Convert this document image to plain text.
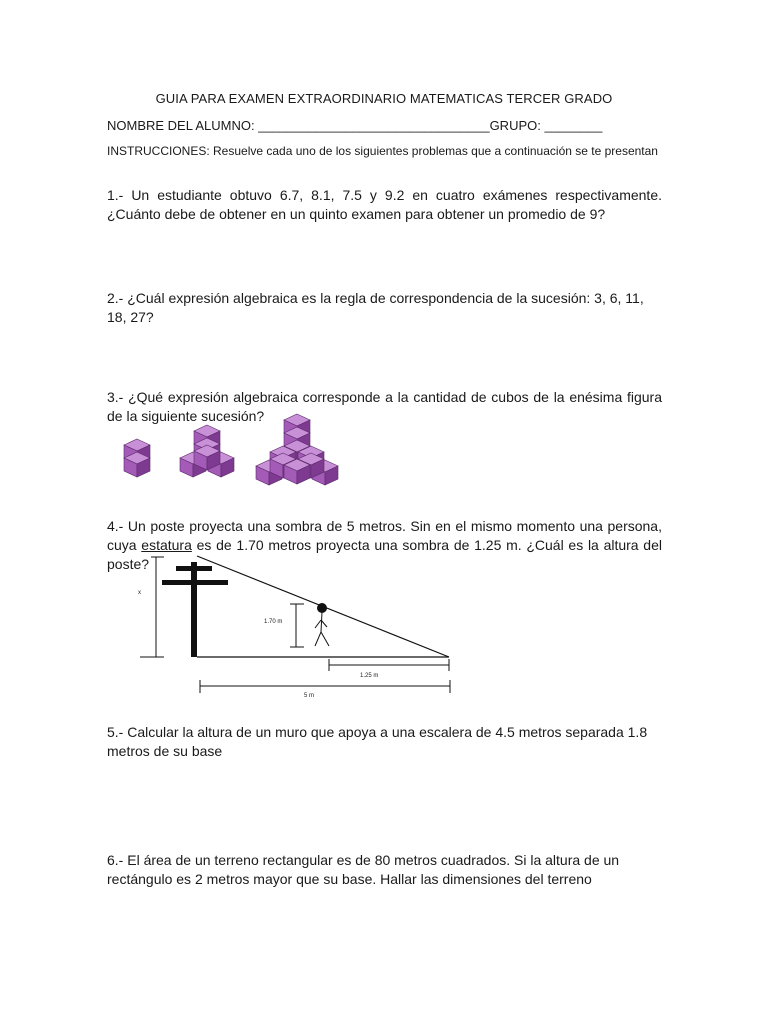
GUIA PARA EXAMEN EXTRAORDINARIO MATEMATICAS TERCER GRADO
NOMBRE DEL ALUMNO: ________________________________GRUPO: ________
INSTRUCCIONES: Resuelve cada uno de los siguientes problemas que a continuación se te presentan
1.- Un estudiante obtuvo 6.7, 8.1, 7.5 y 9.2 en cuatro exámenes respectivamente. ¿Cuánto debe de obtener en un quinto examen para obtener un promedio de 9?
2.- ¿Cuál expresión algebraica es la regla de correspondencia de la sucesión: 3, 6, 11, 18, 27?
3.- ¿Qué expresión algebraica corresponde a la cantidad de cubos de la enésima figura de la siguiente sucesión?
4.- Un poste proyecta una sombra de 5 metros. Sin en el mismo momento una persona, cuya estatura es de 1.70 metros proyecta una sombra de 1.25 m. ¿Cuál es la altura del poste?
5.- Calcular la altura de un muro que apoya a una escalera de 4.5 metros separada 1.8 metros de su base
6.- El área de un terreno rectangular es de 80 metros cuadrados. Si la altura de un rectángulo es 2 metros mayor que su base. Hallar las dimensiones del terreno
x
1.70 m
1.25 m
5 m
